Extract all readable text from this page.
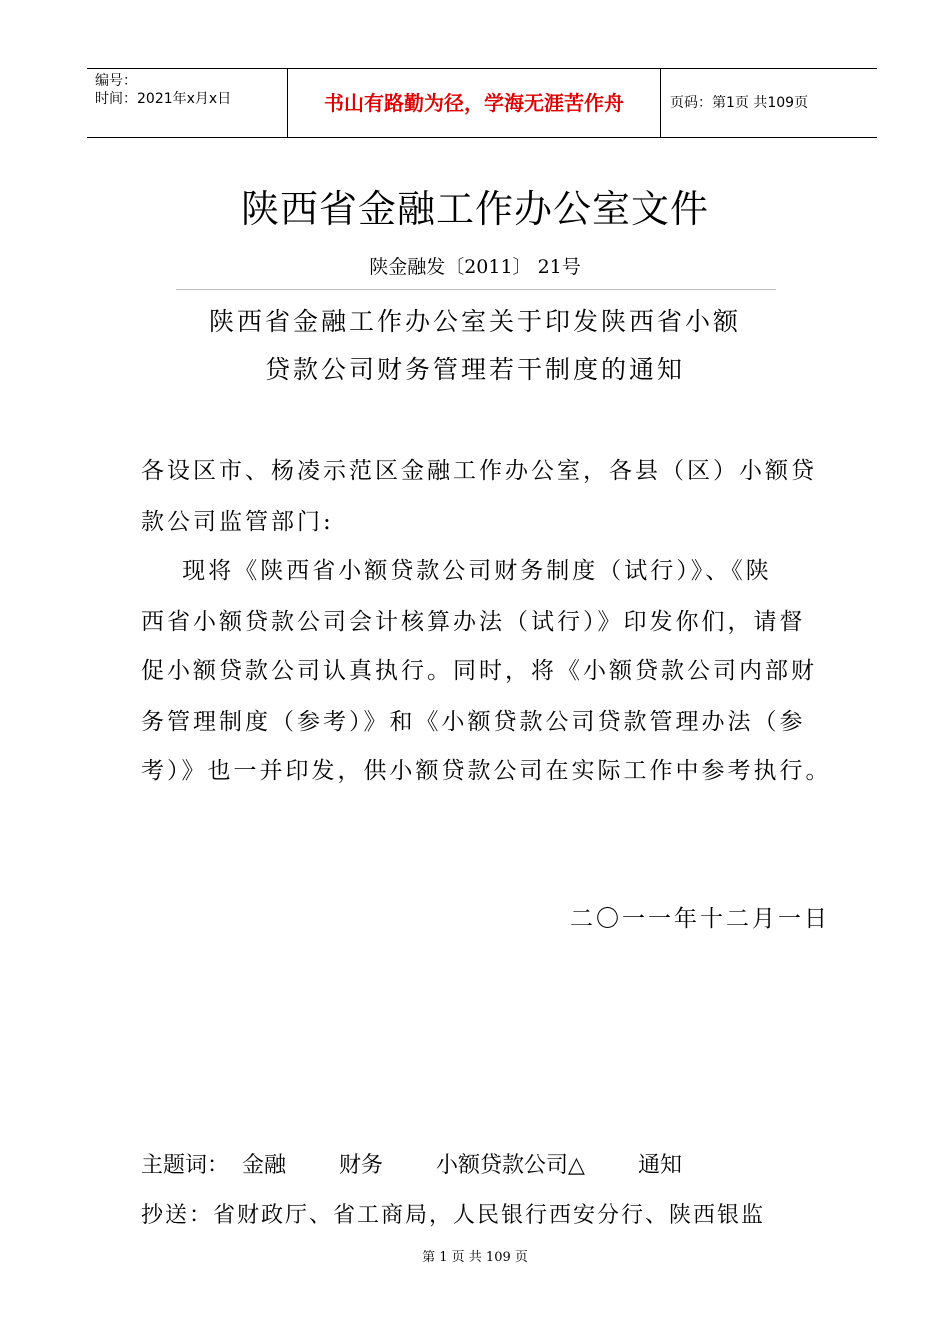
编号：
时间：2021年x月x日	书山有路勤为径，学海无涯苦作舟	页码：第1页 共109页
陕西省金融工作办公室文件
陕金融发〔2011〕 21号
陕西省金融工作办公室关于印发陕西省小额
贷款公司财务管理若干制度的通知
各设区市、杨凌示范区金融工作办公室，各县（区）小额贷
款公司监管部门:
现将《陕西省小额贷款公司财务制度（试行）》、《陕
西省小额贷款公司会计核算办法（试行）》印发你们，请督
促小额贷款公司认真执行。同时，将《小额贷款公司内部财
务管理制度（参考）》和《小额贷款公司贷款管理办法（参
考）》也一并印发，供小额贷款公司在实际工作中参考执行。
二〇一一年十二月一日
主题词： 金融 财务 小额贷款公司△ 通知
抄送：省财政厅、省工商局，人民银行西安分行、陕西银监
第 1 页 共 109 页
